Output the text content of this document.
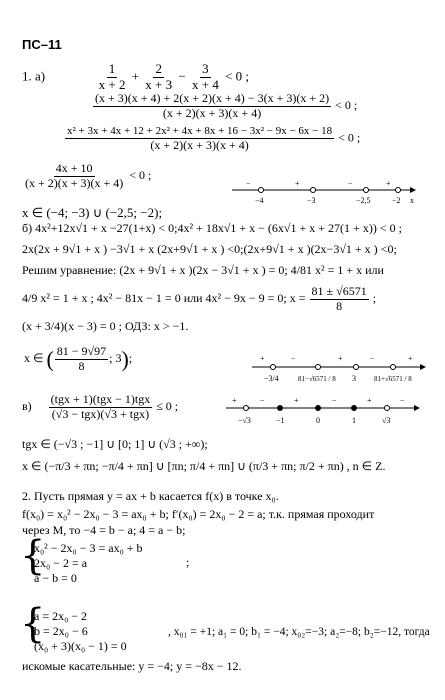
ПС–11
1. а)	$\frac{1}{x + 2} + \frac{2}{x + 3} - \frac{3}{x + 4} < 0$ ;
$\frac{(x + 3)(x + 4) + 2(x + 2)(x + 4) - 3(x + 3)(x + 2)}{(x + 2)(x + 3)(x + 4)} < 0$ ;
$\frac{\text{x² + 3x + 4x + 12 + 2x² + 4x + 8x + 16 − 3x² − 9x − 6x − 18}}{(x + 2)(x + 3)(x + 4)} < 0$ ;
$\frac{4x + 10}{(x + 2)(x + 3)(x + 4)} < 0$ ;
−	+	−	+
−4	−3	−2,5	−2 x
x ∈ (−4; −3) ∪ (−2,5; −2);
б) 4x²+12x√1 + x −27(1+x) < 0;4x² + 18x√1 + x − (6x√1 + x + 27(1 + x)) < 0 ;
2x(2x + 9√1 + x ) −3√1 + x (2x+9√1 + x ) <0;(2x+9√1 + x )(2x−3√1 + x ) <0;
Решим уравнение: (2x + 9√1 + x )(2x − 3√1 + x ) = 0; 4/81 x² = 1 + x или
4/9 x² = 1 + x ; 4x² − 81x − 1 = 0 или 4x² − 9x − 9 = 0; $x = \frac{81 \pm √6571}{8}$ ;
(x + 3/4)(x − 3) = 0 ; ОДЗ: x > −1.
x ∈ ( $\frac{81 - 9√97}{8}$ ; 3);	+	−	+	−	+
−3/4	81−√6571 / 8 3	81+√6571 / 8
$в) \frac{\text{(tgx + 1)(tgx − 1)tgx}}{\text{(√3 − tgx)(√3 + tgx)}} \le 0$ ;	+	−	+	−	+	−
−√3	−1	0	1	√3
tgx ∈ (−√3 ; −1] ∪ [0; 1] ∪ (√3 ; +∞);
x ∈ (−π/3 + πn; −π/4 + πn] ∪ [πn; π/4 + πn] ∪ (π/3 + πn; π/2 + πn) , n ∈ Z.
2. Пусть прямая y = ax + b касается f(x) в точке x₀.
f(x₀) = x₀² − 2x₀ − 3 = ax₀ + b; f′(x₀) = 2x₀ − 2 = a; т.к. прямая проходит
через M, то −4 = b − a; 4 = a − b;
{
x₀² − 2x₀ − 3 = ax₀ + b
2x₀ − 2 = a
a − b = 0
;
{
a = 2x₀ − 2
b = 2x₀ − 6
(x₀ + 3)(x₀ − 1) = 0
, x₀₁ = +1; a₁ = 0; b₁ = −4; x₀₂=−3; a₂=−8; b₂=−12, тогда
искомые касательные: y = −4; y = −8x − 12.
